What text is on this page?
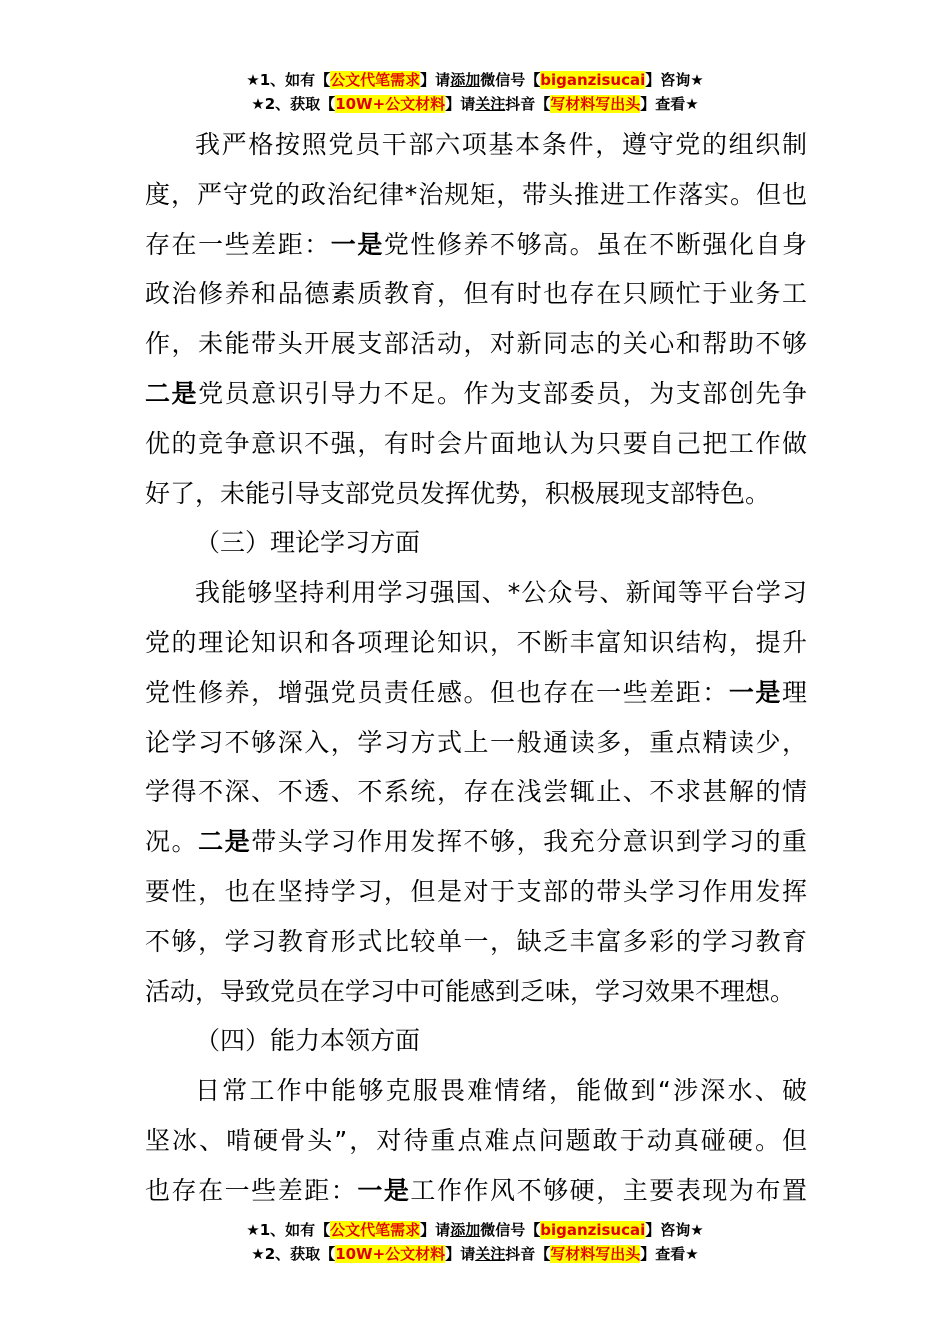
★1、如有【公文代笔需求】请添加微信号【biganzisucai】咨询★
★2、获取【10W+公文材料】请关注抖音【写材料写出头】查看★

我严格按照党员干部六项基本条件，遵守党的组织制

度，严守党的政治纪律*治规矩，带头推进工作落实。但也

存在一些差距：一是党性修养不够高。虽在不断强化自身

政治修养和品德素质教育，但有时也存在只顾忙于业务工

作，未能带头开展支部活动，对新同志的关心和帮助不够

二是党员意识引导力不足。作为支部委员，为支部创先争

优的竞争意识不强，有时会片面地认为只要自己把工作做

好了，未能引导支部党员发挥优势，积极展现支部特色。

（三）理论学习方面

我能够坚持利用学习强国、*公众号、新闻等平台学习

党的理论知识和各项理论知识，不断丰富知识结构，提升

党性修养，增强党员责任感。但也存在一些差距：一是理

论学习不够深入，学习方式上一般通读多，重点精读少，

学得不深、不透、不系统，存在浅尝辄止、不求甚解的情

况。二是带头学习作用发挥不够，我充分意识到学习的重

要性，也在坚持学习，但是对于支部的带头学习作用发挥

不够，学习教育形式比较单一，缺乏丰富多彩的学习教育

活动，导致党员在学习中可能感到乏味，学习效果不理想。

（四）能力本领方面

日常工作中能够克服畏难情绪，能做到“涉深水、破

坚冰、啃硬骨头”，对待重点难点问题敢于动真碰硬。但

也存在一些差距：一是工作作风不够硬，主要表现为布置

★1、如有【公文代笔需求】请添加微信号【biganzisucai】咨询★
★2、获取【10W+公文材料】请关注抖音【写材料写出头】查看★
